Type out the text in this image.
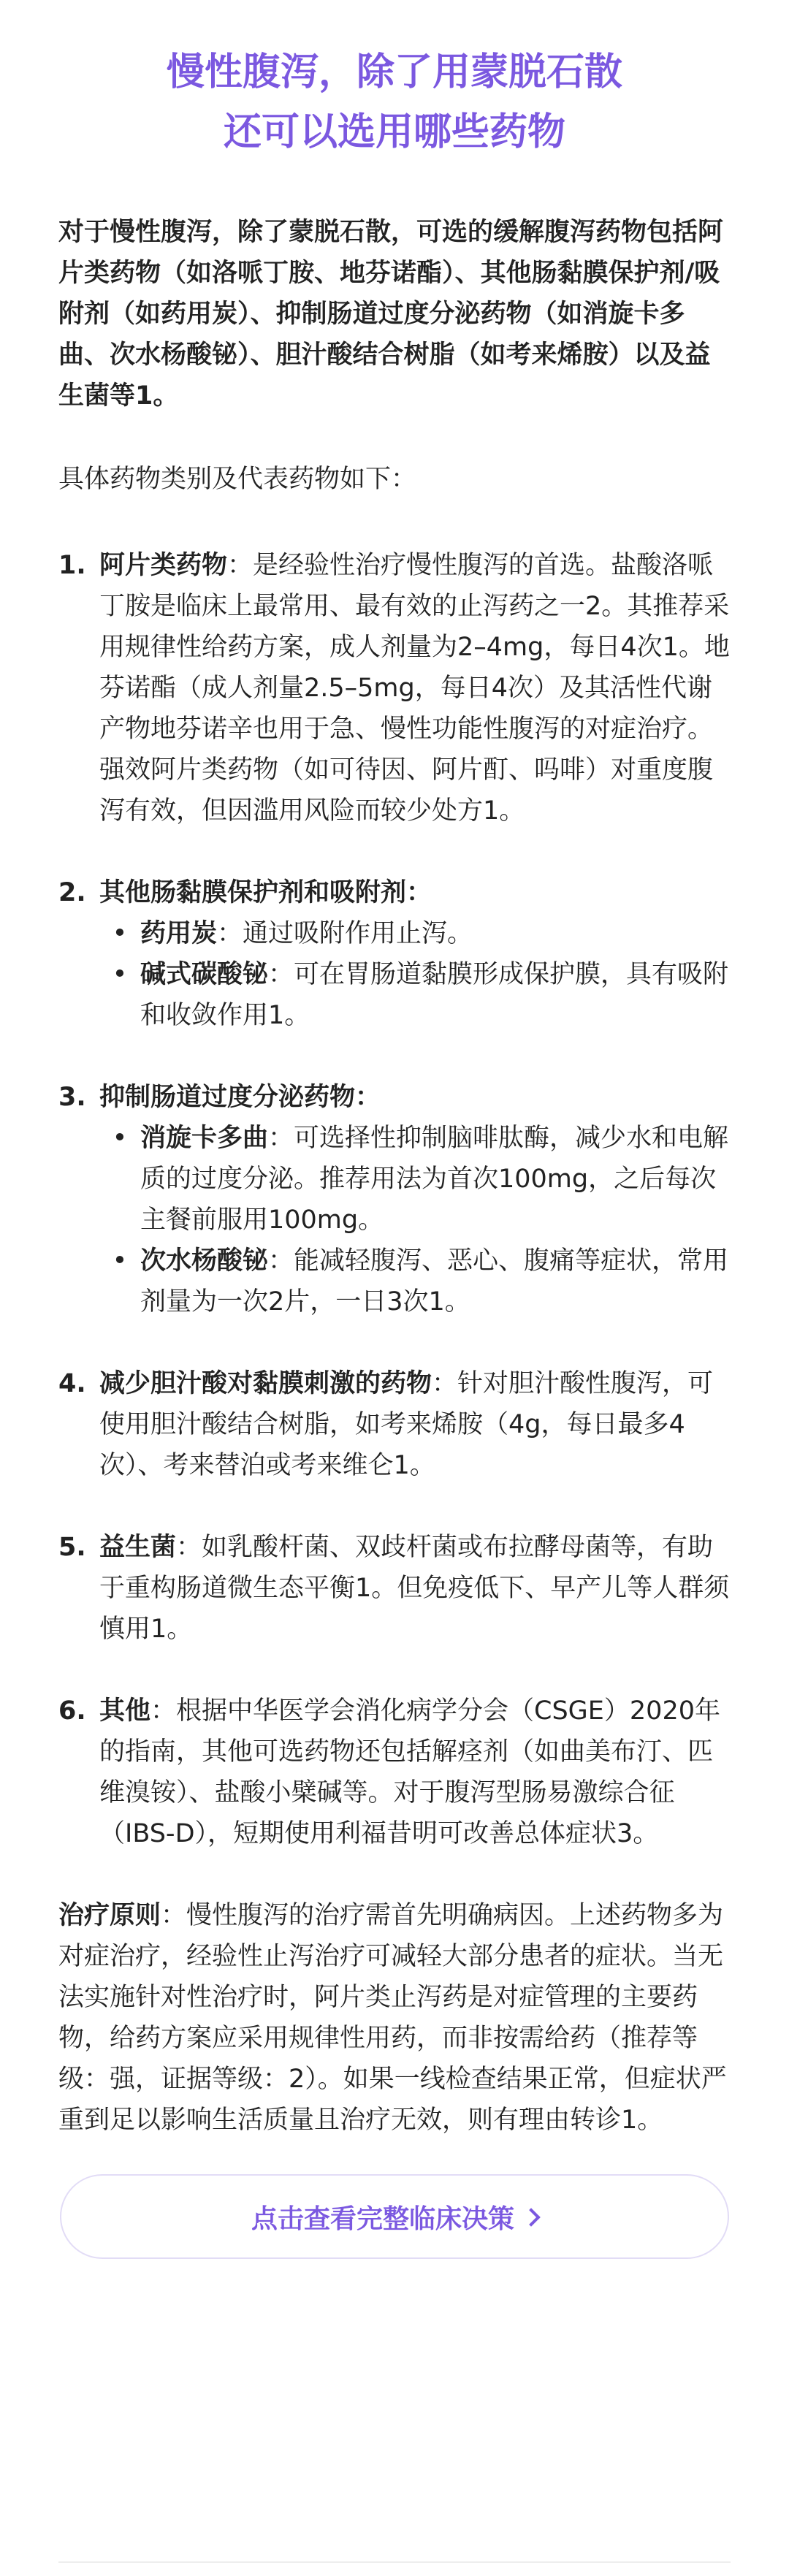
慢性腹泻，除了用蒙脱石散
还可以选用哪些药物

对于慢性腹泻，除了蒙脱石散，可选的缓解腹泻药物包括阿片类药物（如洛哌丁胺、地芬诺酯）、其他肠黏膜保护剂/吸附剂（如药用炭）、抑制肠道过度分泌药物（如消旋卡多曲、次水杨酸铋）、胆汁酸结合树脂（如考来烯胺）以及益生菌等1。

具体药物类别及代表药物如下：

1. 阿片类药物：是经验性治疗慢性腹泻的首选。盐酸洛哌丁胺是临床上最常用、最有效的止泻药之一2。其推荐采用规律性给药方案，成人剂量为2–4mg，每日4次1。地芬诺酯（成人剂量2.5–5mg，每日4次）及其活性代谢产物地芬诺辛也用于急、慢性功能性腹泻的对症治疗。强效阿片类药物（如可待因、阿片酊、吗啡）对重度腹泻有效，但因滥用风险而较少处方1。
2. 其他肠黏膜保护剂和吸附剂：
• 药用炭：通过吸附作用止泻。
• 碱式碳酸铋：可在胃肠道黏膜形成保护膜，具有吸附和收敛作用1。
3. 抑制肠道过度分泌药物：
• 消旋卡多曲：可选择性抑制脑啡肽酶，减少水和电解质的过度分泌。推荐用法为首次100mg，之后每次主餐前服用100mg。
• 次水杨酸铋：能减轻腹泻、恶心、腹痛等症状，常用剂量为一次2片，一日3次1。
4. 减少胆汁酸对黏膜刺激的药物：针对胆汁酸性腹泻，可使用胆汁酸结合树脂，如考来烯胺（4g，每日最多4次）、考来替泊或考来维仑1。
5. 益生菌：如乳酸杆菌、双歧杆菌或布拉酵母菌等，有助于重构肠道微生态平衡1。但免疫低下、早产儿等人群须慎用1。
6. 其他：根据中华医学会消化病学分会（CSGE）2020年的指南，其他可选药物还包括解痉剂（如曲美布汀、匹维溴铵）、盐酸小檗碱等。对于腹泻型肠易激综合征（IBS-D），短期使用利福昔明可改善总体症状3。

治疗原则：慢性腹泻的治疗需首先明确病因。上述药物多为对症治疗，经验性止泻治疗可减轻大部分患者的症状。当无法实施针对性治疗时，阿片类止泻药是对症管理的主要药物，给药方案应采用规律性用药，而非按需给药（推荐等级：强，证据等级：2）。如果一线检查结果正常，但症状严重到足以影响生活质量且治疗无效，则有理由转诊1。

点击查看完整临床决策
